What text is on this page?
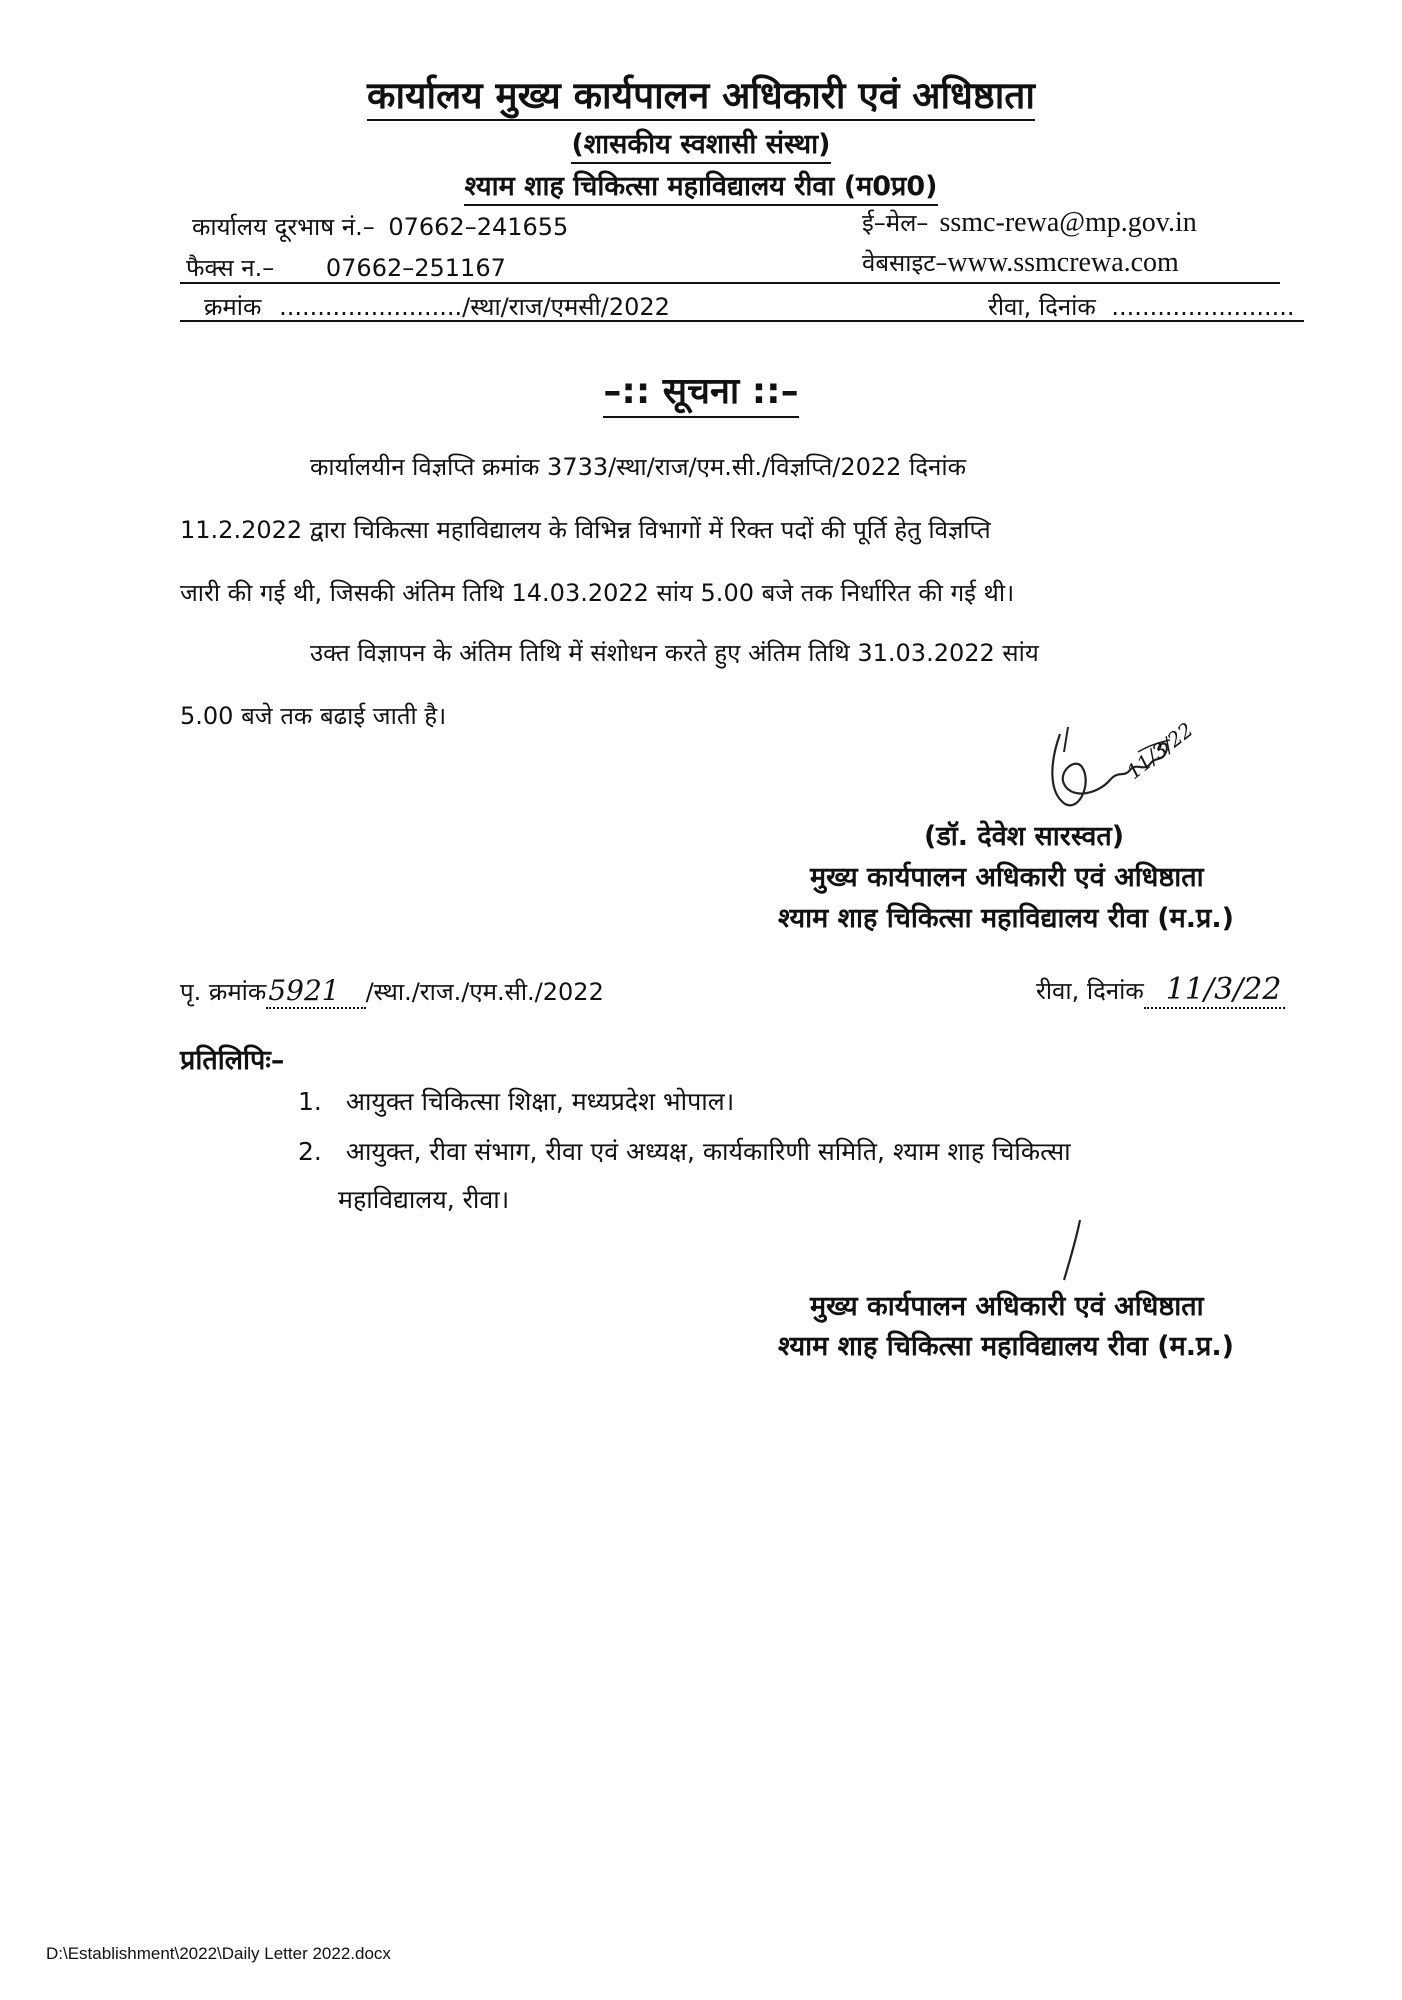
कार्यालय मुख्य कार्यपालन अधिकारी एवं अधिष्ठाता
(शासकीय स्वशासी संस्था)
श्याम शाह चिकित्सा महाविद्यालय रीवा (म0प्र0)
कार्यालय दूरभाष नं.– 07662–241655	ई–मेल– ssmc-rewa@mp.gov.in
फैक्स न.– 07662–251167	वेबसाइट–www.ssmcrewa.com
क्रमांक ......................../स्था/राज/एमसी/2022	रीवा, दिनांक ........................
–:: सूचना ::–
कार्यालयीन विज्ञप्ति क्रमांक 3733/स्था/राज/एम.सी./विज्ञप्ति/2022 दिनांक
11.2.2022 द्वारा चिकित्सा महाविद्यालय के विभिन्न विभागों में रिक्त पदों की पूर्ति हेतु विज्ञप्ति
जारी की गई थी, जिसकी अंतिम तिथि 14.03.2022 सांय 5.00 बजे तक निर्धारित की गई थी।
उक्त विज्ञापन के अंतिम तिथि में संशोधन करते हुए अंतिम तिथि 31.03.2022 सांय
5.00 बजे तक बढाई जाती है।
11/3/22
(डॉ. देवेश सारस्वत)
मुख्य कार्यपालन अधिकारी एवं अधिष्ठाता
श्याम शाह चिकित्सा महाविद्यालय रीवा (म.प्र.)
पृ. क्रमांक5921 /स्था./राज./एम.सी./2022	रीवा, दिनांक 11/3/22
प्रतिलिपिः–
1. आयुक्त चिकित्सा शिक्षा, मध्यप्रदेश भोपाल।
2. आयुक्त, रीवा संभाग, रीवा एवं अध्यक्ष, कार्यकारिणी समिति, श्याम शाह चिकित्सा
महाविद्यालय, रीवा।
मुख्य कार्यपालन अधिकारी एवं अधिष्ठाता
श्याम शाह चिकित्सा महाविद्यालय रीवा (म.प्र.)
D:\Establishment\2022\Daily Letter 2022.docx
